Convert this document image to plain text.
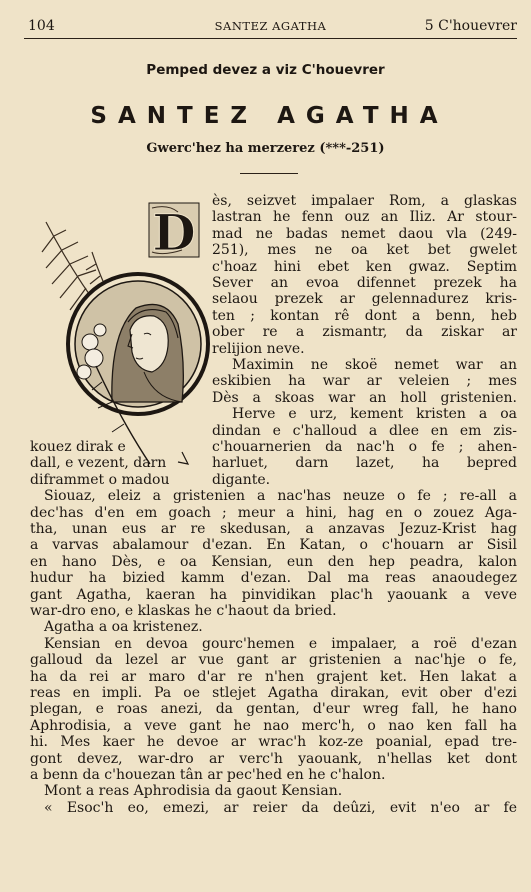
104	SANTEZ AGATHA	5 C'houevrer
Pemped devez a viz C'houevrer
SANTEZ AGATHA
Gwerc'hez ha merzerez (***-251)
D
ès, seizvet impalaer Rom, a glaskas
lastran he fenn ouz an Iliz. Ar stour-
mad ne badas nemet daou vla (249-
251), mes ne oa ket bet gwelet
c'hoaz hini ebet ken gwaz. Septim
Sever an evoa difennet prezek ha
selaou prezek ar gelennadurez kris-
ten ; kontan rê dont a benn, heb
ober re a zismantr, da ziskar ar
relijion neve.
Maximin ne skoë nemet war an
eskibien ha war ar veleien ; mes
Dès a skoas war an holl gristenien.
Herve e urz, kement kristen a oa
dindan e c'halloud a dlee en em zis-
kouez dirak e	c'houarnerien da nac'h o fe ; ahen-
dall, e vezent, darn	harluet, darn lazet, ha bepred
diframmet o madou	digante.
Siouaz, eleiz a gristenien a nac'has neuze o fe ; re-all a
dec'has d'en em goach ; meur a hini, hag en o zouez Aga-
tha, unan eus ar re skedusan, a anzavas Jezuz-Krist hag
a varvas abalamour d'ezan. En Katan, o c'houarn ar Sisil
en hano Dès, e oa Kensian, eun den hep peadra, kalon
hudur ha bizied kamm d'ezan. Dal ma reas anaoudegez
gant Agatha, kaeran ha pinvidikan plac'h yaouank a veve
war-dro eno, e klaskas he c'haout da bried.
Agatha a oa kristenez.
Kensian en devoa gourc'hemen e impalaer, a roë d'ezan
galloud da lezel ar vue gant ar gristenien a nac'hje o fe,
ha da rei ar maro d'ar re n'hen grajent ket. Hen lakat a
reas en impli. Pa oe stlejet Agatha dirakan, evit ober d'ezi
plegan, e roas anezi, da gentan, d'eur wreg fall, he hano
Aphrodisia, a veve gant he nao merc'h, o nao ken fall ha
hi. Mes kaer he devoe ar wrac'h koz-ze poanial, epad tre-
gont devez, war-dro ar verc'h yaouank, n'hellas ket dont
a benn da c'houezan tân ar pec'hed en he c'halon.
Mont a reas Aphrodisia da gaout Kensian.
« Esoc'h eo, emezi, ar reier da deûzi, evit n'eo ar fe
